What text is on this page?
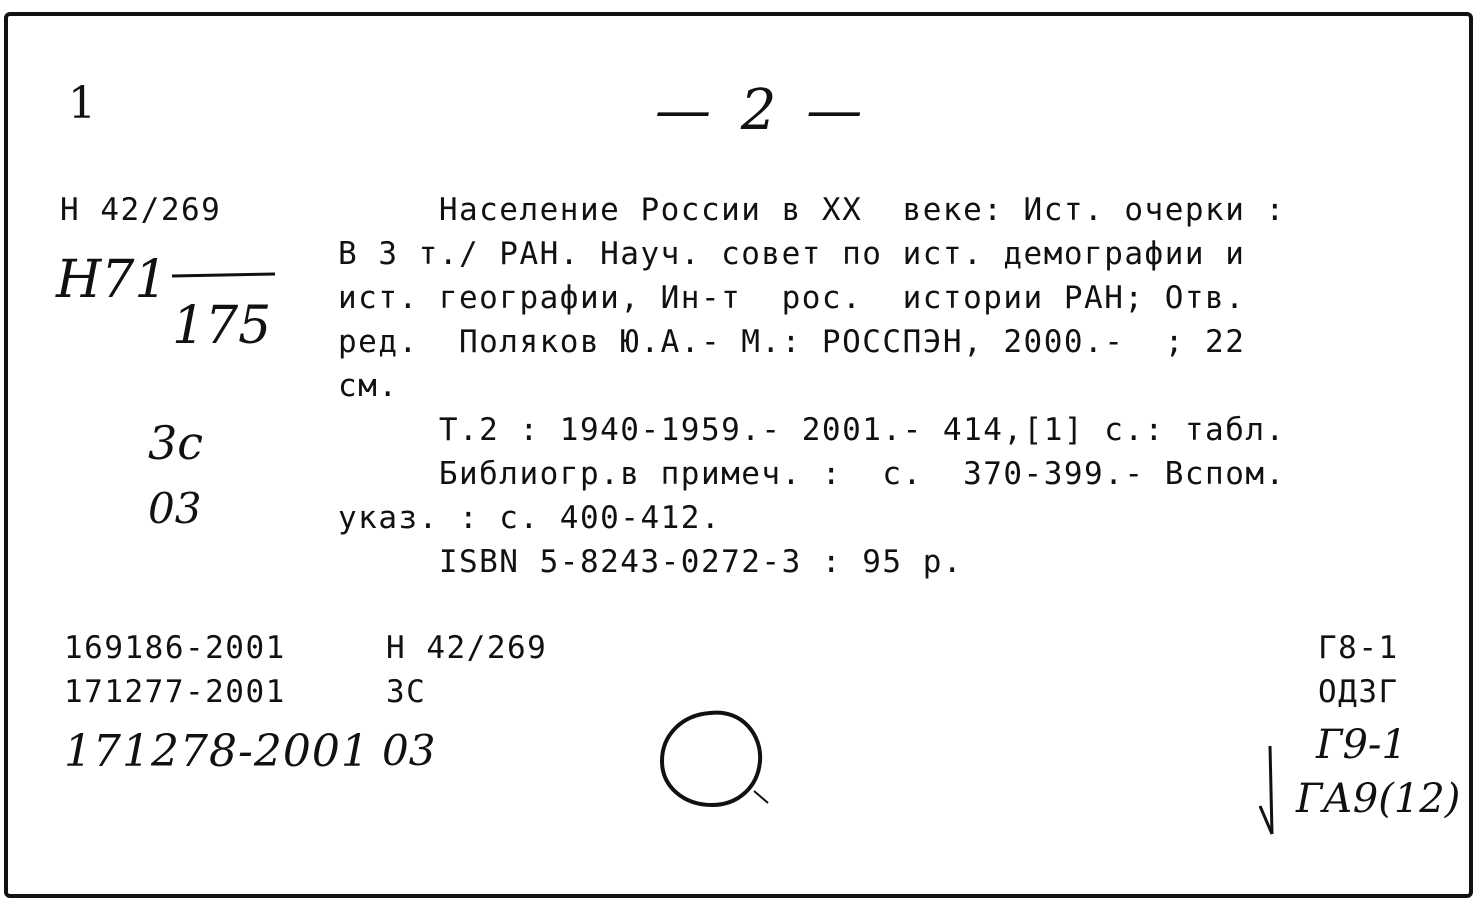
1	— 2 —
Н 42/269
Н71
175
3с
03
Население России в XX  веке: Ист. очерки :
В 3 т./ РАН. Науч. совет по ист. демографии и
ист. географии, Ин-т  рос.  истории РАН; Отв.
ред.  Поляков Ю.А.- М.: РОССПЭН, 2000.-  ; 22
см.
Т.2 : 1940-1959.- 2001.- 414,[1] с.: табл.
Библиогр.в примеч. :  с.  370-399.- Вспом.
указ. : с. 400-412.
ISBN 5-8243-0272-3 : 95 р.
169186-2001	Н 42/269
171277-2001	ЗС
171278-2001 03
Г8-1
ОДЗГ
Г9-1
ГА9(12)
